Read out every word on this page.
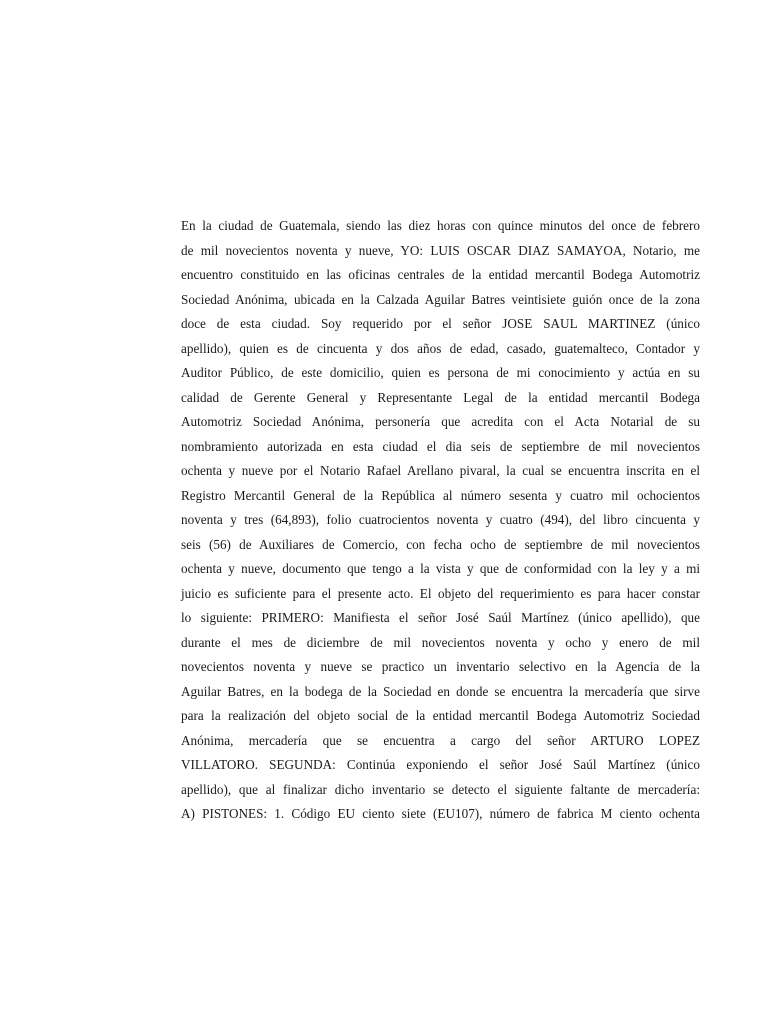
En la ciudad de Guatemala, siendo las diez horas con quince minutos del once de febrero
de mil novecientos noventa y nueve, YO: LUIS OSCAR DIAZ SAMAYOA, Notario, me
encuentro constituido en las oficinas centrales de la entidad mercantil Bodega Automotriz
Sociedad Anónima, ubicada en la Calzada Aguilar Batres veintisiete guión once de la zona
doce de esta ciudad. Soy requerido por el señor JOSE SAUL MARTINEZ (único
apellido), quien es de cincuenta y dos años de edad, casado, guatemalteco, Contador y
Auditor Público, de este domicilio, quien es persona de mi conocimiento y actúa en su
calidad de Gerente General y Representante Legal de la entidad mercantil Bodega
Automotriz Sociedad Anónima, personería que acredita con el Acta Notarial de su
nombramiento autorizada en esta ciudad el dia seis de septiembre de mil novecientos
ochenta y nueve por el Notario Rafael Arellano pivaral, la cual se encuentra inscrita en el
Registro Mercantil General de la República al número sesenta y cuatro mil ochocientos
noventa y tres (64,893), folio cuatrocientos noventa y cuatro (494), del libro cincuenta y
seis (56) de Auxiliares de Comercio, con fecha ocho de septiembre de mil novecientos
ochenta y nueve, documento que tengo a la vista y que de conformidad con la ley y a mi
juicio es suficiente para el presente acto. El objeto del requerimiento es para hacer constar
lo siguiente: PRIMERO: Manifiesta el señor José Saúl Martínez (único apellido), que
durante el mes de diciembre de mil novecientos noventa y ocho y enero de mil
novecientos noventa y nueve se practico un inventario selectivo en la Agencia de la
Aguilar Batres, en la bodega de la Sociedad en donde se encuentra la mercadería que sirve
para la realización del objeto social de la entidad mercantil Bodega Automotriz Sociedad
Anónima, mercadería que se encuentra a cargo del señor ARTURO LOPEZ
VILLATORO. SEGUNDA: Continúa exponiendo el señor José Saúl Martínez (único
apellido), que al finalizar dicho inventario se detecto el siguiente faltante de mercadería:
A) PISTONES: 1. Código EU ciento siete (EU107), número de fabrica M ciento ochenta
